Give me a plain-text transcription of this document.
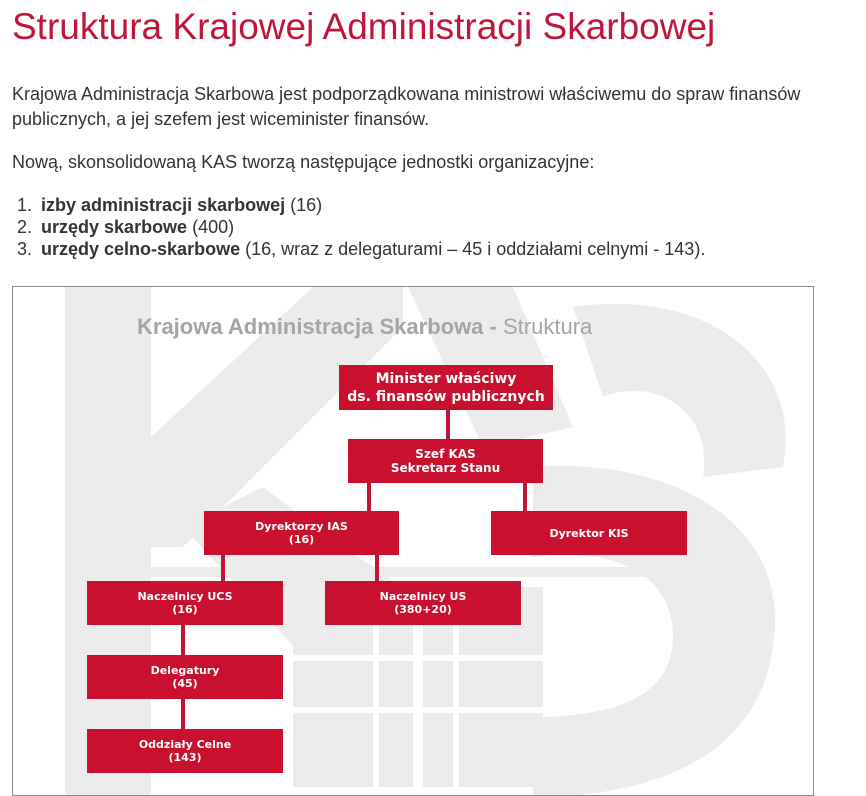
Struktura Krajowej Administracji Skarbowej

Krajowa Administracja Skarbowa jest podporządkowana ministrowi właściwemu do spraw finansów publicznych, a jej szefem jest wiceminister finansów.

Nową, skonsolidowaną KAS tworzą następujące jednostki organizacyjne:

1. izby administracji skarbowej (16)
2. urzędy skarbowe (400)
3. urzędy celno-skarbowe (16, wraz z delegaturami – 45 i oddziałami celnymi - 143).
Krajowa Administracja Skarbowa - Struktura
Minister właściwy
ds. finansów publicznych
Szef KAS
Sekretarz Stanu
Dyrektorzy IAS
(16)	Dyrektor KIS
Naczelnicy UCS
(16)
Naczelnicy US
(380+20)
Delegatury
(45)
Oddziały Celne
(143)
